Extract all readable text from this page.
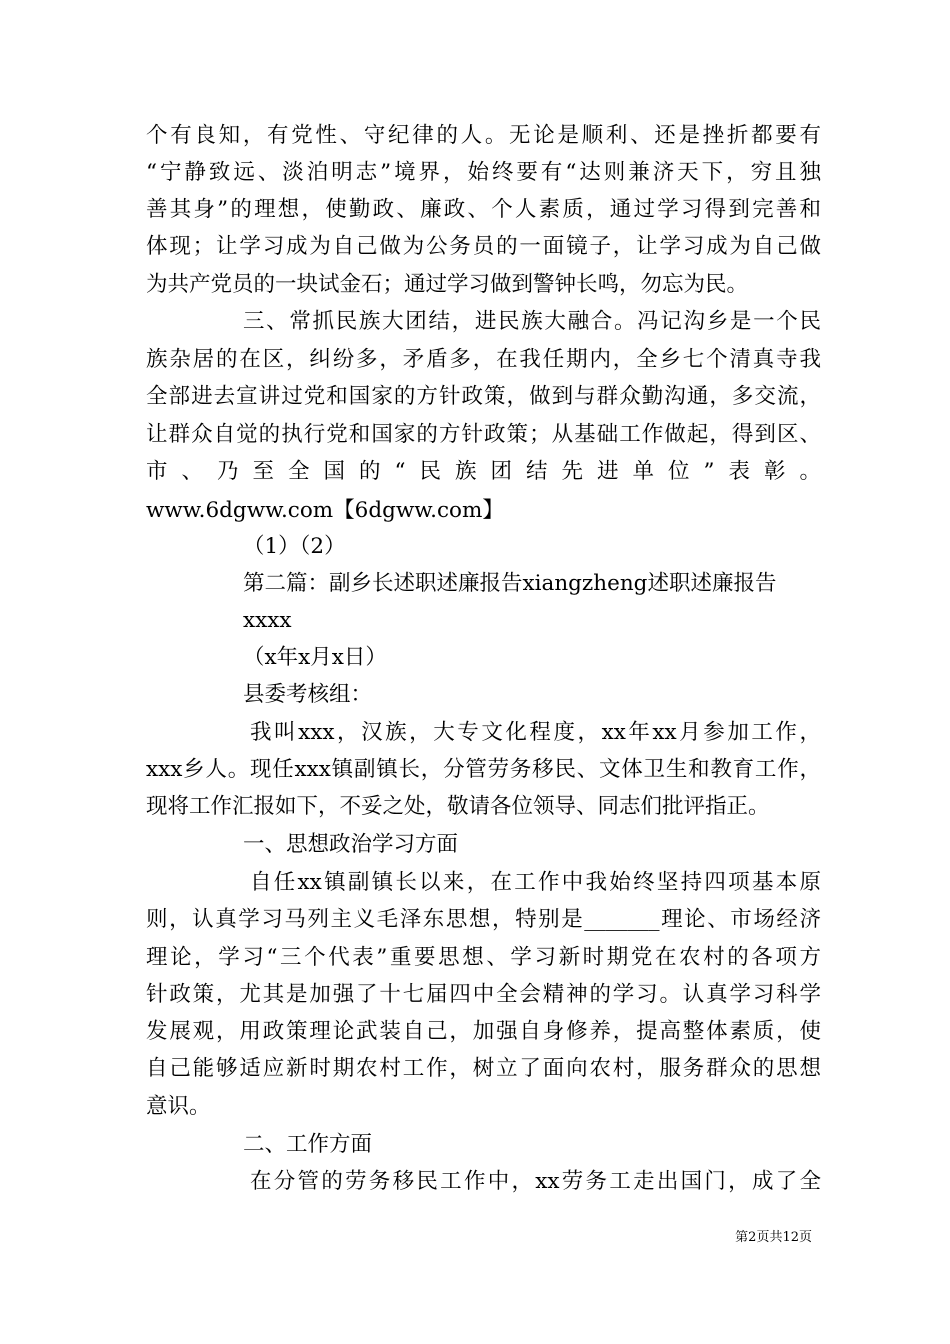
个有良知，有党性、守纪律的人。无论是顺利、还是挫折都要有
“宁静致远、淡泊明志”境界，始终要有“达则兼济天下，穷且独
善其身”的理想，使勤政、廉政、个人素质，通过学习得到完善和
体现；让学习成为自己做为公务员的一面镜子，让学习成为自己做
为共产党员的一块试金石；通过学习做到警钟长鸣，勿忘为民。
三、常抓民族大团结，进民族大融合。冯记沟乡是一个民
族杂居的在区，纠纷多，矛盾多，在我任期内，全乡七个清真寺我
全部进去宣讲过党和国家的方针政策，做到与群众勤沟通，多交流，
让群众自觉的执行党和国家的方针政策；从基础工作做起，得到区、
市、乃至全国的“民族团结先进单位”表彰。
www.6dgww.com【6dgww.com】
（1）（2）
第二篇：副乡长述职述廉报告xiangzheng述职述廉报告
xxxx
（x年x月x日）
县委考核组：
我叫xxx，汉族，大专文化程度，xx年xx月参加工作，
xxx乡人。现任xxx镇副镇长，分管劳务移民、文体卫生和教育工作，
现将工作汇报如下，不妥之处，敬请各位领导、同志们批评指正。
一、思想政治学习方面
自任xx镇副镇长以来，在工作中我始终坚持四项基本原
则，认真学习马列主义毛泽东思想，特别是_______理论、市场经济
理论，学习“三个代表”重要思想、学习新时期党在农村的各项方
针政策，尤其是加强了十七届四中全会精神的学习。认真学习科学
发展观，用政策理论武装自己，加强自身修养，提高整体素质，使
自己能够适应新时期农村工作，树立了面向农村，服务群众的思想
意识。
二、工作方面
在分管的劳务移民工作中，xx劳务工走出国门，成了全
第2页共12页
